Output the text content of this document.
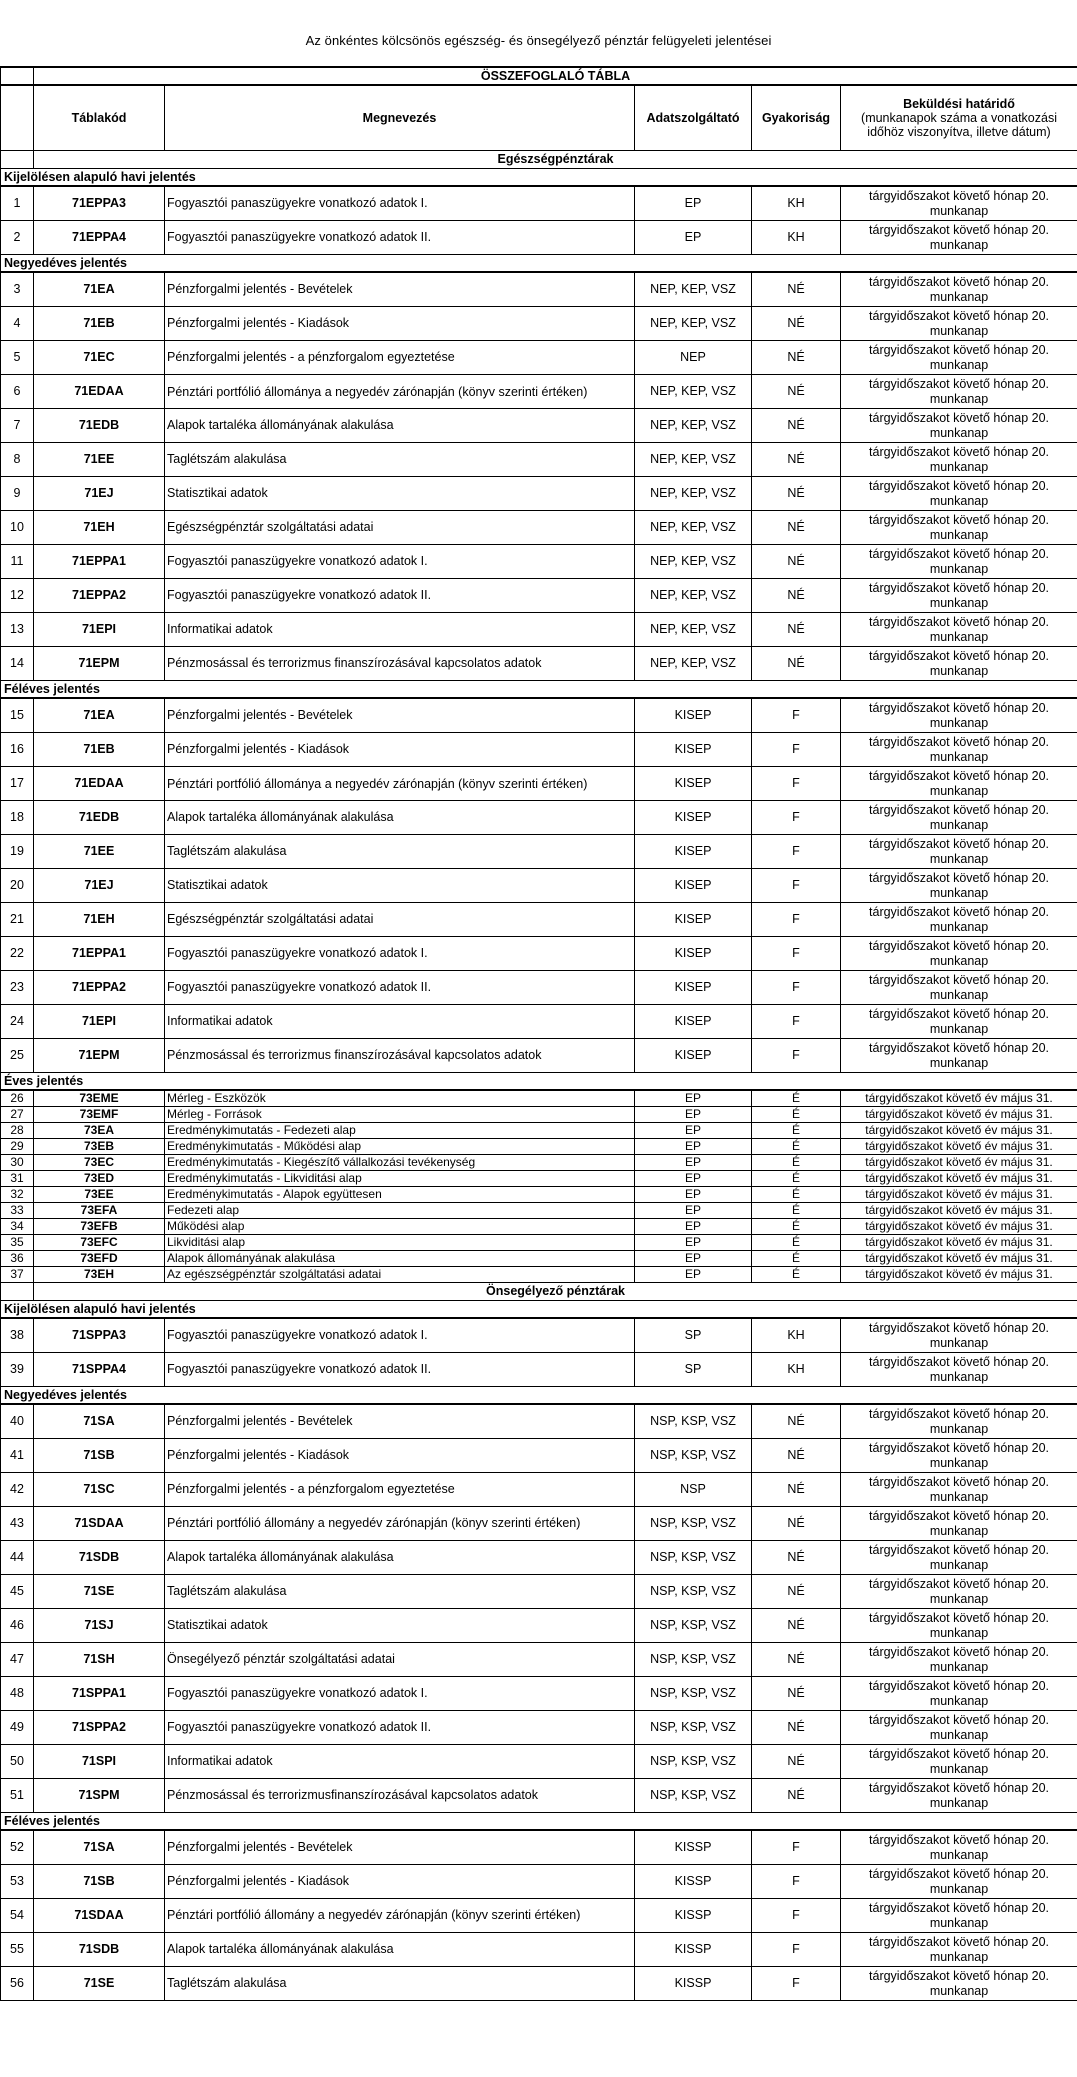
Az önkéntes kölcsönös egészség- és önsegélyező pénztár felügyeleti jelentései
	ÖSSZEFOGLALÓ TÁBLA				
	Táblakód	Megnevezés	Adatszolgáltató	Gyakoriság	Beküldési határidő
(munkanapok száma a vonatkozási időhöz viszonyítva, illetve dátum)

	Egészségpénztárak				
Kijelölésen alapuló havi jelentés					
1	71EPPA3	Fogyasztói panaszügyekre vonatkozó adatok I.	EP	KH	tárgyidőszakot követő hónap 20. munkanap
2	71EPPA4	Fogyasztói panaszügyekre vonatkozó adatok II.	EP	KH	tárgyidőszakot követő hónap 20. munkanap
Negyedéves jelentés					
3	71EA	Pénzforgalmi jelentés - Bevételek	NEP, KEP, VSZ	NÉ	tárgyidőszakot követő hónap 20. munkanap
4	71EB	Pénzforgalmi jelentés - Kiadások	NEP, KEP, VSZ	NÉ	tárgyidőszakot követő hónap 20. munkanap
5	71EC	Pénzforgalmi jelentés - a pénzforgalom egyeztetése	NEP	NÉ	tárgyidőszakot követő hónap 20. munkanap
6	71EDAA	Pénztári portfólió állománya a negyedév zárónapján (könyv szerinti értéken)	NEP, KEP, VSZ	NÉ	tárgyidőszakot követő hónap 20. munkanap
7	71EDB	Alapok tartaléka állományának alakulása	NEP, KEP, VSZ	NÉ	tárgyidőszakot követő hónap 20. munkanap
8	71EE	Taglétszám alakulása	NEP, KEP, VSZ	NÉ	tárgyidőszakot követő hónap 20. munkanap
9	71EJ	Statisztikai adatok	NEP, KEP, VSZ	NÉ	tárgyidőszakot követő hónap 20. munkanap
10	71EH	Egészségpénztár szolgáltatási adatai	NEP, KEP, VSZ	NÉ	tárgyidőszakot követő hónap 20. munkanap
11	71EPPA1	Fogyasztói panaszügyekre vonatkozó adatok I.	NEP, KEP, VSZ	NÉ	tárgyidőszakot követő hónap 20. munkanap
12	71EPPA2	Fogyasztói panaszügyekre vonatkozó adatok II.	NEP, KEP, VSZ	NÉ	tárgyidőszakot követő hónap 20. munkanap
13	71EPI	Informatikai adatok	NEP, KEP, VSZ	NÉ	tárgyidőszakot követő hónap 20. munkanap
14	71EPM	Pénzmosással és terrorizmus finanszírozásával kapcsolatos adatok	NEP, KEP, VSZ	NÉ	tárgyidőszakot követő hónap 20. munkanap
Féléves jelentés					
15	71EA	Pénzforgalmi jelentés - Bevételek	KISEP	F	tárgyidőszakot követő hónap 20. munkanap
16	71EB	Pénzforgalmi jelentés - Kiadások	KISEP	F	tárgyidőszakot követő hónap 20. munkanap
17	71EDAA	Pénztári portfólió állománya a negyedév zárónapján (könyv szerinti értéken)	KISEP	F	tárgyidőszakot követő hónap 20. munkanap
18	71EDB	Alapok tartaléka állományának alakulása	KISEP	F	tárgyidőszakot követő hónap 20. munkanap
19	71EE	Taglétszám alakulása	KISEP	F	tárgyidőszakot követő hónap 20. munkanap
20	71EJ	Statisztikai adatok	KISEP	F	tárgyidőszakot követő hónap 20. munkanap
21	71EH	Egészségpénztár szolgáltatási adatai	KISEP	F	tárgyidőszakot követő hónap 20. munkanap
22	71EPPA1	Fogyasztói panaszügyekre vonatkozó adatok I.	KISEP	F	tárgyidőszakot követő hónap 20. munkanap
23	71EPPA2	Fogyasztói panaszügyekre vonatkozó adatok II.	KISEP	F	tárgyidőszakot követő hónap 20. munkanap
24	71EPI	Informatikai adatok	KISEP	F	tárgyidőszakot követő hónap 20. munkanap
25	71EPM	Pénzmosással és terrorizmus finanszírozásával kapcsolatos adatok	KISEP	F	tárgyidőszakot követő hónap 20. munkanap
Éves jelentés					
26	73EME	Mérleg - Eszközök	EP	É	tárgyidőszakot követő év május 31.
27	73EMF	Mérleg - Források	EP	É	tárgyidőszakot követő év május 31.
28	73EA	Eredménykimutatás - Fedezeti alap	EP	É	tárgyidőszakot követő év május 31.
29	73EB	Eredménykimutatás - Működési alap	EP	É	tárgyidőszakot követő év május 31.
30	73EC	Eredménykimutatás - Kiegészítő vállalkozási tevékenység	EP	É	tárgyidőszakot követő év május 31.
31	73ED	Eredménykimutatás - Likviditási alap	EP	É	tárgyidőszakot követő év május 31.
32	73EE	Eredménykimutatás - Alapok együttesen	EP	É	tárgyidőszakot követő év május 31.
33	73EFA	Fedezeti alap	EP	É	tárgyidőszakot követő év május 31.
34	73EFB	Működési alap	EP	É	tárgyidőszakot követő év május 31.
35	73EFC	Likviditási alap	EP	É	tárgyidőszakot követő év május 31.
36	73EFD	Alapok állományának alakulása	EP	É	tárgyidőszakot követő év május 31.
37	73EH	Az egészségpénztár szolgáltatási adatai	EP	É	tárgyidőszakot követő év május 31.
	Önsegélyező pénztárak				
Kijelölésen alapuló havi jelentés					
38	71SPPA3	Fogyasztói panaszügyekre vonatkozó adatok I.	SP	KH	tárgyidőszakot követő hónap 20. munkanap
39	71SPPA4	Fogyasztói panaszügyekre vonatkozó adatok II.	SP	KH	tárgyidőszakot követő hónap 20. munkanap
Negyedéves jelentés					
40	71SA	Pénzforgalmi jelentés - Bevételek	NSP, KSP, VSZ	NÉ	tárgyidőszakot követő hónap 20. munkanap
41	71SB	Pénzforgalmi jelentés - Kiadások	NSP, KSP, VSZ	NÉ	tárgyidőszakot követő hónap 20. munkanap
42	71SC	Pénzforgalmi jelentés - a pénzforgalom egyeztetése	NSP	NÉ	tárgyidőszakot követő hónap 20. munkanap
43	71SDAA	Pénztári portfólió állomány a negyedév zárónapján (könyv szerinti értéken)	NSP, KSP, VSZ	NÉ	tárgyidőszakot követő hónap 20. munkanap
44	71SDB	Alapok tartaléka állományának alakulása	NSP, KSP, VSZ	NÉ	tárgyidőszakot követő hónap 20. munkanap
45	71SE	Taglétszám alakulása	NSP, KSP, VSZ	NÉ	tárgyidőszakot követő hónap 20. munkanap
46	71SJ	Statisztikai adatok	NSP, KSP, VSZ	NÉ	tárgyidőszakot követő hónap 20. munkanap
47	71SH	Önsegélyező pénztár szolgáltatási adatai	NSP, KSP, VSZ	NÉ	tárgyidőszakot követő hónap 20. munkanap
48	71SPPA1	Fogyasztói panaszügyekre vonatkozó adatok I.	NSP, KSP, VSZ	NÉ	tárgyidőszakot követő hónap 20. munkanap
49	71SPPA2	Fogyasztói panaszügyekre vonatkozó adatok II.	NSP, KSP, VSZ	NÉ	tárgyidőszakot követő hónap 20. munkanap
50	71SPI	Informatikai adatok	NSP, KSP, VSZ	NÉ	tárgyidőszakot követő hónap 20. munkanap
51	71SPM	Pénzmosással és terrorizmusfinanszírozásával kapcsolatos adatok	NSP, KSP, VSZ	NÉ	tárgyidőszakot követő hónap 20. munkanap
Féléves jelentés					
52	71SA	Pénzforgalmi jelentés - Bevételek	KISSP	F	tárgyidőszakot követő hónap 20. munkanap
53	71SB	Pénzforgalmi jelentés - Kiadások	KISSP	F	tárgyidőszakot követő hónap 20. munkanap
54	71SDAA	Pénztári portfólió állomány a negyedév zárónapján (könyv szerinti értéken)	KISSP	F	tárgyidőszakot követő hónap 20. munkanap
55	71SDB	Alapok tartaléka állományának alakulása	KISSP	F	tárgyidőszakot követő hónap 20. munkanap
56	71SE	Taglétszám alakulása	KISSP	F	tárgyidőszakot követő hónap 20. munkanap
